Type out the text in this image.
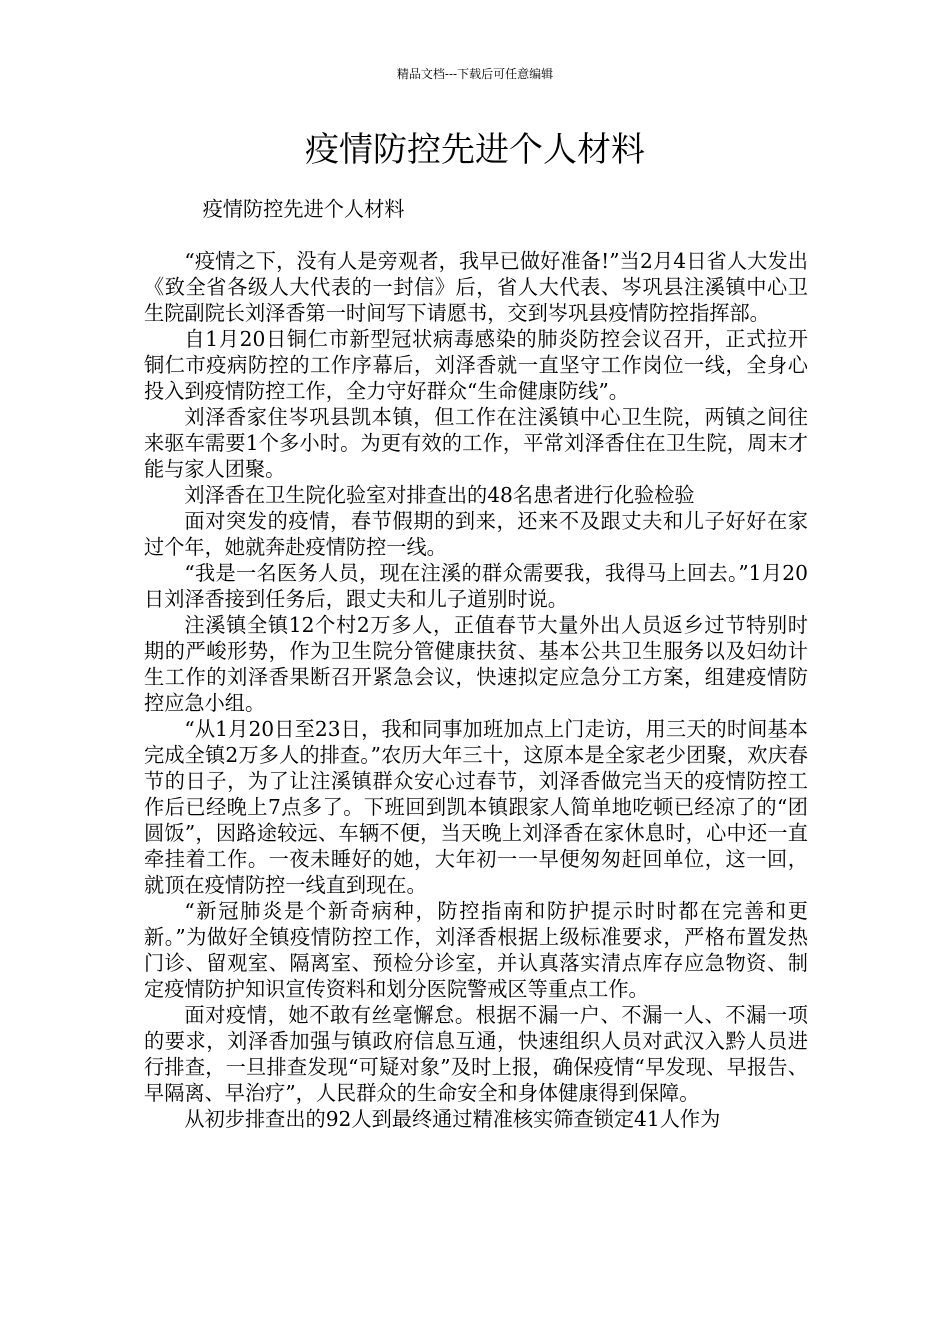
精品文档---下载后可任意编辑
疫情防控先进个人材料

疫情防控先进个人材料

“疫情之下，没有人是旁观者，我早已做好准备!”当2月4日省人大发出《致全省各级人大代表的一封信》后，省人大代表、岑巩县注溪镇中心卫生院副院长刘泽香第一时间写下请愿书，交到岑巩县疫情防控指挥部。

自1月20日铜仁市新型冠状病毒感染的肺炎防控会议召开，正式拉开铜仁市疫病防控的工作序幕后，刘泽香就一直坚守工作岗位一线，全身心投入到疫情防控工作，全力守好群众“生命健康防线”。

刘泽香家住岑巩县凯本镇，但工作在注溪镇中心卫生院，两镇之间往来驱车需要1个多小时。为更有效的工作，平常刘泽香住在卫生院，周末才能与家人团聚。

刘泽香在卫生院化验室对排查出的48名患者进行化验检验

面对突发的疫情，春节假期的到来，还来不及跟丈夫和儿子好好在家过个年，她就奔赴疫情防控一线。

“我是一名医务人员，现在注溪的群众需要我，我得马上回去。”1月20日刘泽香接到任务后，跟丈夫和儿子道别时说。

注溪镇全镇12个村2万多人，正值春节大量外出人员返乡过节特别时期的严峻形势，作为卫生院分管健康扶贫、基本公共卫生服务以及妇幼计生工作的刘泽香果断召开紧急会议，快速拟定应急分工方案，组建疫情防控应急小组。

“从1月20日至23日，我和同事加班加点上门走访，用三天的时间基本完成全镇2万多人的排查。”农历大年三十，这原本是全家老少团聚，欢庆春节的日子，为了让注溪镇群众安心过春节，刘泽香做完当天的疫情防控工作后已经晚上7点多了。下班回到凯本镇跟家人简单地吃顿已经凉了的“团圆饭”，因路途较远、车辆不便，当天晚上刘泽香在家休息时，心中还一直牵挂着工作。一夜未睡好的她，大年初一一早便匆匆赶回单位，这一回，就顶在疫情防控一线直到现在。

“新冠肺炎是个新奇病种，防控指南和防护提示时时都在完善和更新。”为做好全镇疫情防控工作，刘泽香根据上级标准要求，严格布置发热门诊、留观室、隔离室、预检分诊室，并认真落实清点库存应急物资、制定疫情防护知识宣传资料和划分医院警戒区等重点工作。

面对疫情，她不敢有丝毫懈怠。根据不漏一户、不漏一人、不漏一项的要求，刘泽香加强与镇政府信息互通，快速组织人员对武汉入黔人员进行排查，一旦排查发现“可疑对象”及时上报，确保疫情“早发现、早报告、早隔离、早治疗”，人民群众的生命安全和身体健康得到保障。

从初步排查出的92人到最终通过精准核实筛查锁定41人作为
